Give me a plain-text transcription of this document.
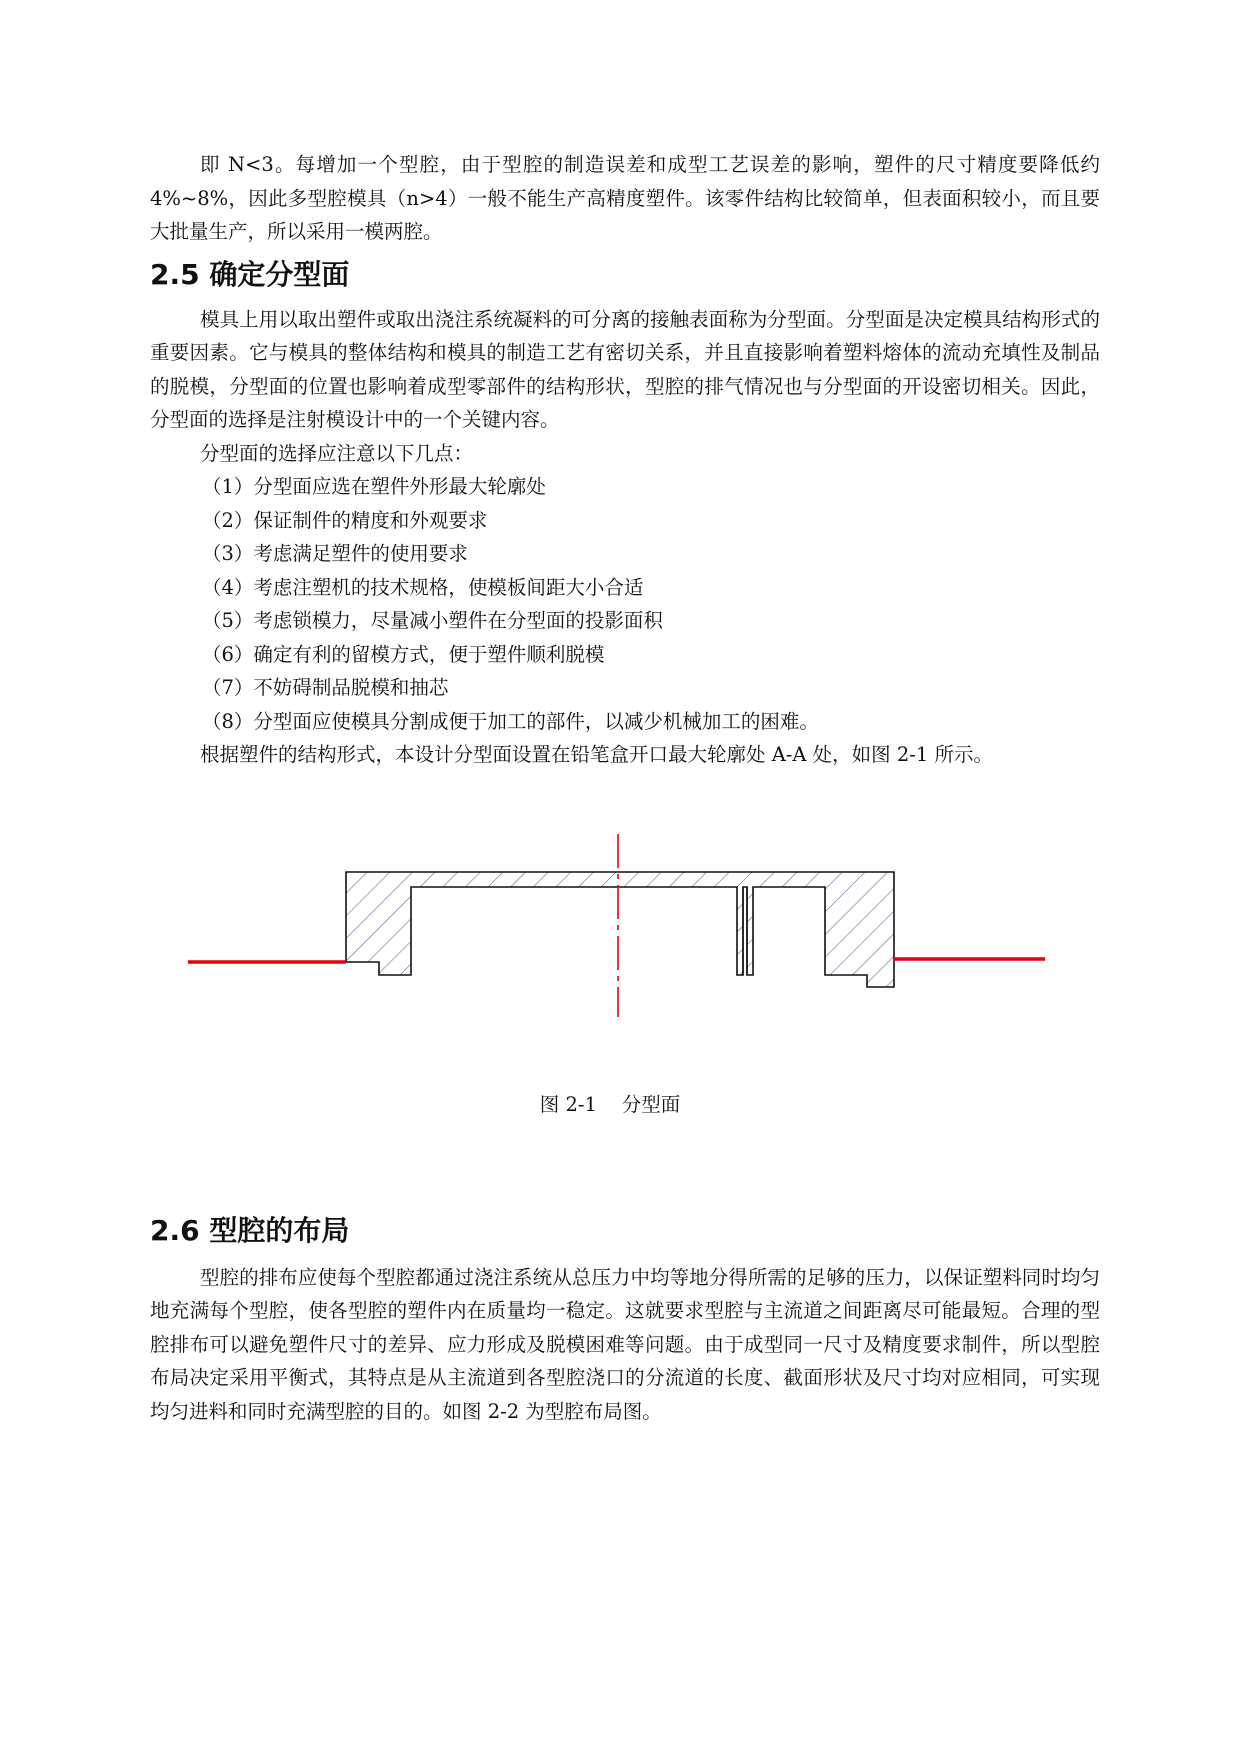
即 N<3。每增加一个型腔，由于型腔的制造误差和成型工艺误差的影响，塑件的尺寸精度要降低约 4%~8%，因此多型腔模具（n>4）一般不能生产高精度塑件。该零件结构比较简单，但表面积较小，而且要大批量生产，所以采用一模两腔。

2.5 确定分型面

模具上用以取出塑件或取出浇注系统凝料的可分离的接触表面称为分型面。分型面是决定模具结构形式的重要因素。它与模具的整体结构和模具的制造工艺有密切关系，并且直接影响着塑料熔体的流动充填性及制品的脱模，分型面的位置也影响着成型零部件的结构形状，型腔的排气情况也与分型面的开设密切相关。因此，分型面的选择是注射模设计中的一个关键内容。

分型面的选择应注意以下几点：

（1）分型面应选在塑件外形最大轮廓处

（2）保证制件的精度和外观要求

（3）考虑满足塑件的使用要求

（4）考虑注塑机的技术规格，使模板间距大小合适

（5）考虑锁模力，尽量减小塑件在分型面的投影面积

（6）确定有利的留模方式，便于塑件顺利脱模

（7）不妨碍制品脱模和抽芯

（8）分型面应使模具分割成便于加工的部件，以减少机械加工的困难。

根据塑件的结构形式，本设计分型面设置在铅笔盒开口最大轮廓处 A-A 处，如图 2-1 所示。

图 2-1    分型面
2.6 型腔的布局

型腔的排布应使每个型腔都通过浇注系统从总压力中均等地分得所需的足够的压力，以保证塑料同时均匀地充满每个型腔，使各型腔的塑件内在质量均一稳定。这就要求型腔与主流道之间距离尽可能最短。合理的型腔排布可以避免塑件尺寸的差异、应力形成及脱模困难等问题。由于成型同一尺寸及精度要求制件，所以型腔布局决定采用平衡式，其特点是从主流道到各型腔浇口的分流道的长度、截面形状及尺寸均对应相同，可实现均匀进料和同时充满型腔的目的。如图 2-2 为型腔布局图。
